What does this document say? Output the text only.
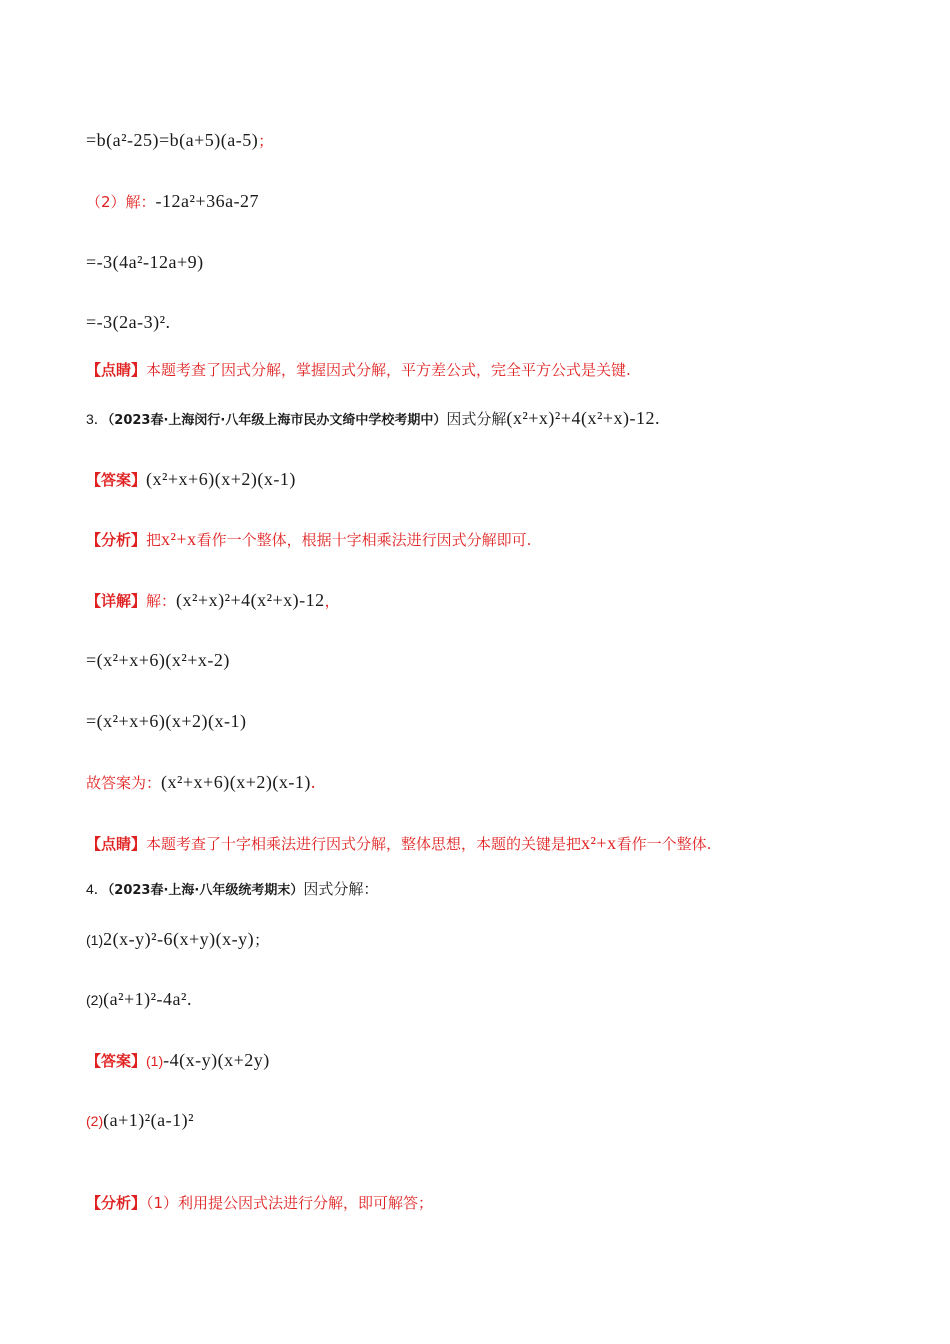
=b(a²-25)=b(a+5)(a-5)；
（2）解：-12a²+36a-27
=-3(4a²-12a+9)
=-3(2a-3)².
【点睛】本题考查了因式分解，掌握因式分解，平方差公式，完全平方公式是关键.
3．（2023春·上海闵行·八年级上海市民办文绮中学校考期中）因式分解(x²+x)²+4(x²+x)-12.
【答案】(x²+x+6)(x+2)(x-1)
【分析】把x²+x看作一个整体，根据十字相乘法进行因式分解即可.
【详解】解：(x²+x)²+4(x²+x)-12，
=(x²+x+6)(x²+x-2)
=(x²+x+6)(x+2)(x-1)
故答案为：(x²+x+6)(x+2)(x-1).
【点睛】本题考查了十字相乘法进行因式分解，整体思想，本题的关键是把x²+x看作一个整体.
4．（2023春·上海·八年级统考期末）因式分解：
(1)2(x-y)²-6(x+y)(x-y)；
(2)(a²+1)²-4a².
【答案】(1)-4(x-y)(x+2y)
(2)(a+1)²(a-1)²
【分析】（1）利用提公因式法进行分解，即可解答；
